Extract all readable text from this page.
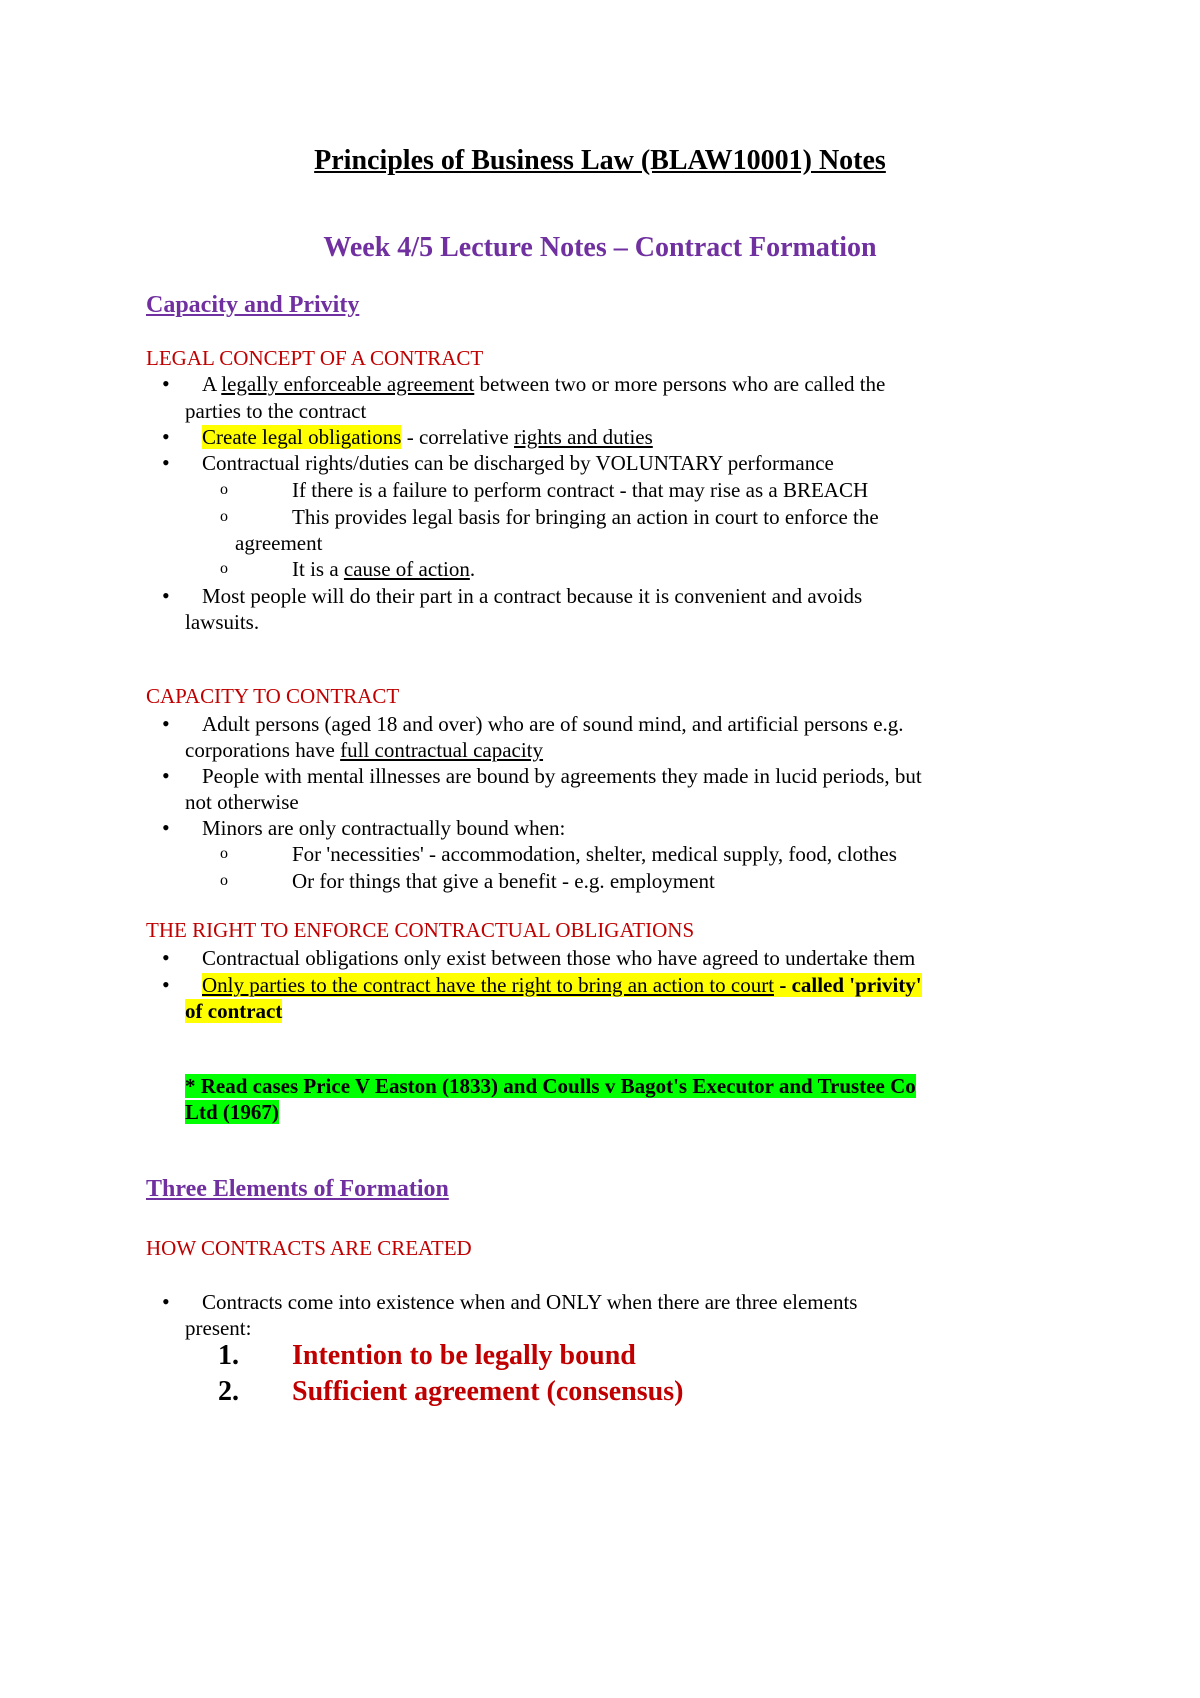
Principles of Business Law (BLAW10001) Notes
Week 4/5 Lecture Notes – Contract Formation
Capacity and Privity
LEGAL CONCEPT OF A CONTRACT
• A legally enforceable agreement between two or more persons who are called the
parties to the contract
• Create legal obligations - correlative rights and duties
• Contractual rights/duties can be discharged by VOLUNTARY performance
o	If there is a failure to perform contract - that may rise as a BREACH
o	This provides legal basis for bringing an action in court to enforce the
agreement
o	It is a cause of action.
• Most people will do their part in a contract because it is convenient and avoids
lawsuits.
CAPACITY TO CONTRACT
• Adult persons (aged 18 and over) who are of sound mind, and artificial persons e.g.
corporations have full contractual capacity
• People with mental illnesses are bound by agreements they made in lucid periods, but
not otherwise
• Minors are only contractually bound when:
o	For 'necessities' - accommodation, shelter, medical supply, food, clothes
o	Or for things that give a benefit - e.g. employment
THE RIGHT TO ENFORCE CONTRACTUAL OBLIGATIONS
• Contractual obligations only exist between those who have agreed to undertake them
• Only parties to the contract have the right to bring an action to court - called 'privity'
of contract
* Read cases Price V Easton (1833) and Coulls v Bagot's Executor and Trustee Co
Ltd (1967)
Three Elements of Formation
HOW CONTRACTS ARE CREATED
• Contracts come into existence when and ONLY when there are three elements
present:
1. Intention to be legally bound
2. Sufficient agreement (consensus)
